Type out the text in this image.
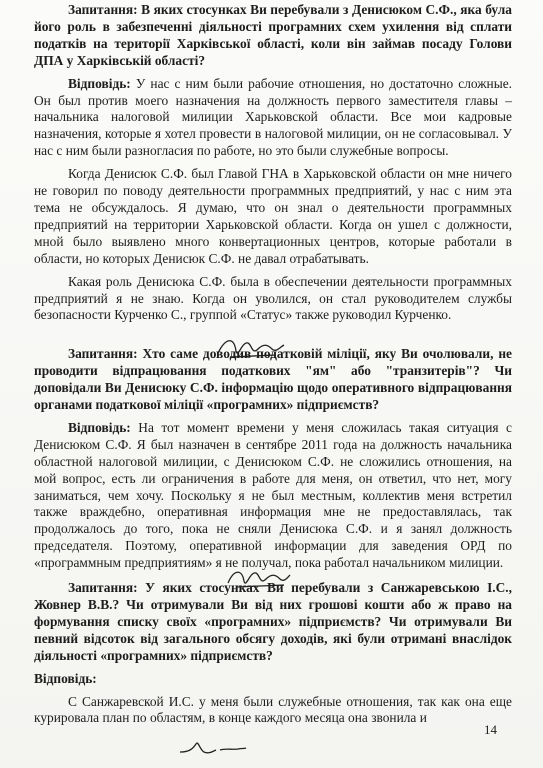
Запитання: В яких стосунках Ви перебували з Денисюком С.Ф., яка була його роль в забезпеченні діяльності програмних схем ухилення від сплати податків на території Харківської області, коли він займав посаду Голови ДПА у Харківській області?

Відповідь: У нас с ним были рабочие отношения, но достаточно сложные. Он был против моего назначения на должность первого заместителя главы – начальника налоговой милиции Харьковской области. Все мои кадровые назначения, которые я хотел провести в налоговой милиции, он не согласовывал. У нас с ним были разногласия по работе, но это были служебные вопросы.

Когда Денисюк С.Ф. был Главой ГНА в Харьковской области он мне ничего не говорил по поводу деятельности программных предприятий, у нас с ним эта тема не обсуждалось. Я думаю, что он знал о деятельности программных предприятий на территории Харьковской области. Когда он ушел с должности, мной было выявлено много конвертационных центров, которые работали в области, но которых Денисюк С.Ф. не давал отрабатывать.

Какая роль Денисюка С.Ф. была в обеспечении деятельности программных предприятий я не знаю. Когда он уволился, он стал руководителем службы безопасности Курченко С., группой «Статус» также руководил Курченко.

Запитання: Хто саме доводив податковій міліції, яку Ви очолювали, не проводити відпрацювання податкових "ям" або "транзитерів"? Чи доповідали Ви Денисюку С.Ф. інформацію щодо оперативного відпрацювання органами податкової міліції «програмних» підприємств?

Відповідь: На тот момент времени у меня сложилась такая ситуация с Денисюком С.Ф. Я был назначен в сентябре 2011 года на должность начальника областной налоговой милиции, с Денисюком С.Ф. не сложились отношения, на мой вопрос, есть ли ограничения в работе для меня, он ответил, что нет, могу заниматься, чем хочу. Поскольку я не был местным, коллектив меня встретил также враждебно, оперативная информация мне не предоставлялась, так продолжалось до того, пока не сняли Денисюка С.Ф. и я занял должность председателя. Поэтому, оперативной информации для заведения ОРД по «программным предприятиям» я не получал, пока работал начальником милиции.

Запитання: У яких стосунках Ви перебували з Санжаревською І.С., Жовнер В.В.? Чи отримували Ви від них грошові кошти або ж право на формування списку своїх «програмних» підприємств? Чи отримували Ви певний відсоток від загального обсягу доходів, які були отримані внаслідок діяльності «програмних» підприємств?

Відповідь:

С Санжаревской И.С. у меня были служебные отношения, так как она еще курировала план по областям, в конце каждого месяца она звонила и

14
